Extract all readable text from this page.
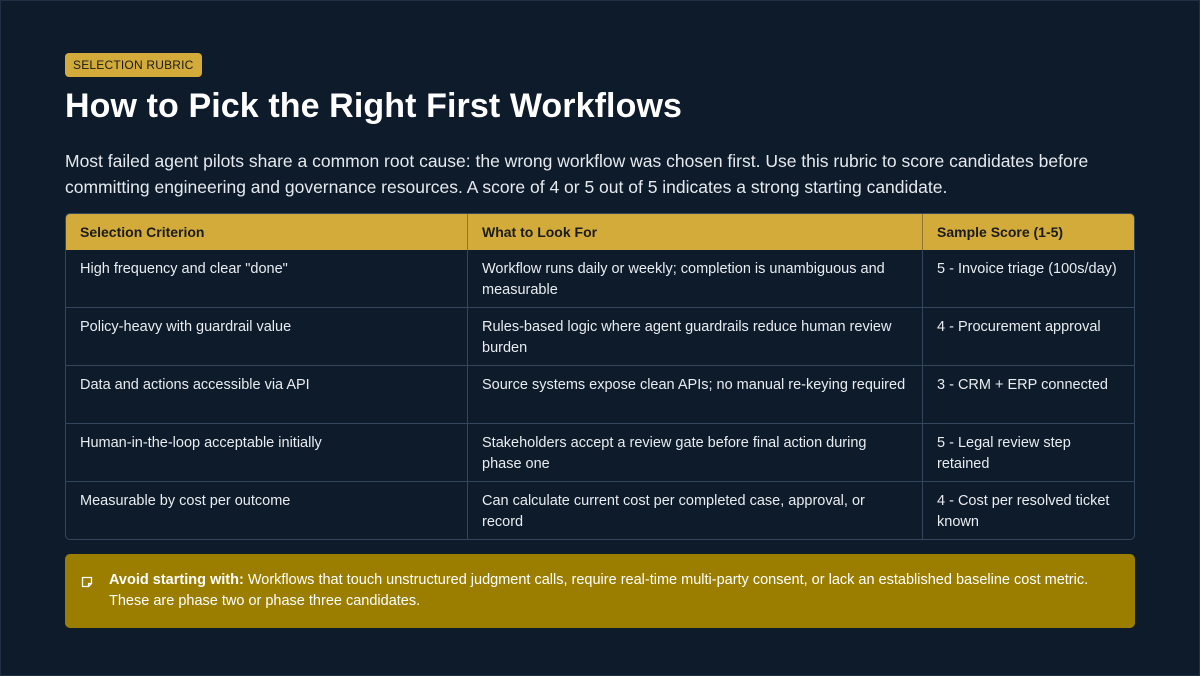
SELECTION RUBRIC
How to Pick the Right First Workflows

Most failed agent pilots share a common root cause: the wrong workflow was chosen first. Use this rubric to score candidates before committing engineering and governance resources. A score of 4 or 5 out of 5 indicates a strong starting candidate.

Selection Criterion	What to Look For	Sample Score (1-5)
High frequency and clear "done"	Workflow runs daily or weekly; completion is unambiguous and measurable	5 - Invoice triage (100s/day)
Policy-heavy with guardrail value	Rules-based logic where agent guardrails reduce human review burden	4 - Procurement approval
Data and actions accessible via API	Source systems expose clean APIs; no manual re-keying required	3 - CRM + ERP connected
Human-in-the-loop acceptable initially	Stakeholders accept a review gate before final action during phase one	5 - Legal review step retained
Measurable by cost per outcome	Can calculate current cost per completed case, approval, or record	4 - Cost per resolved ticket known
Avoid starting with: Workflows that touch unstructured judgment calls, require real-time multi-party consent, or lack an established baseline cost metric. These are phase two or phase three candidates.
